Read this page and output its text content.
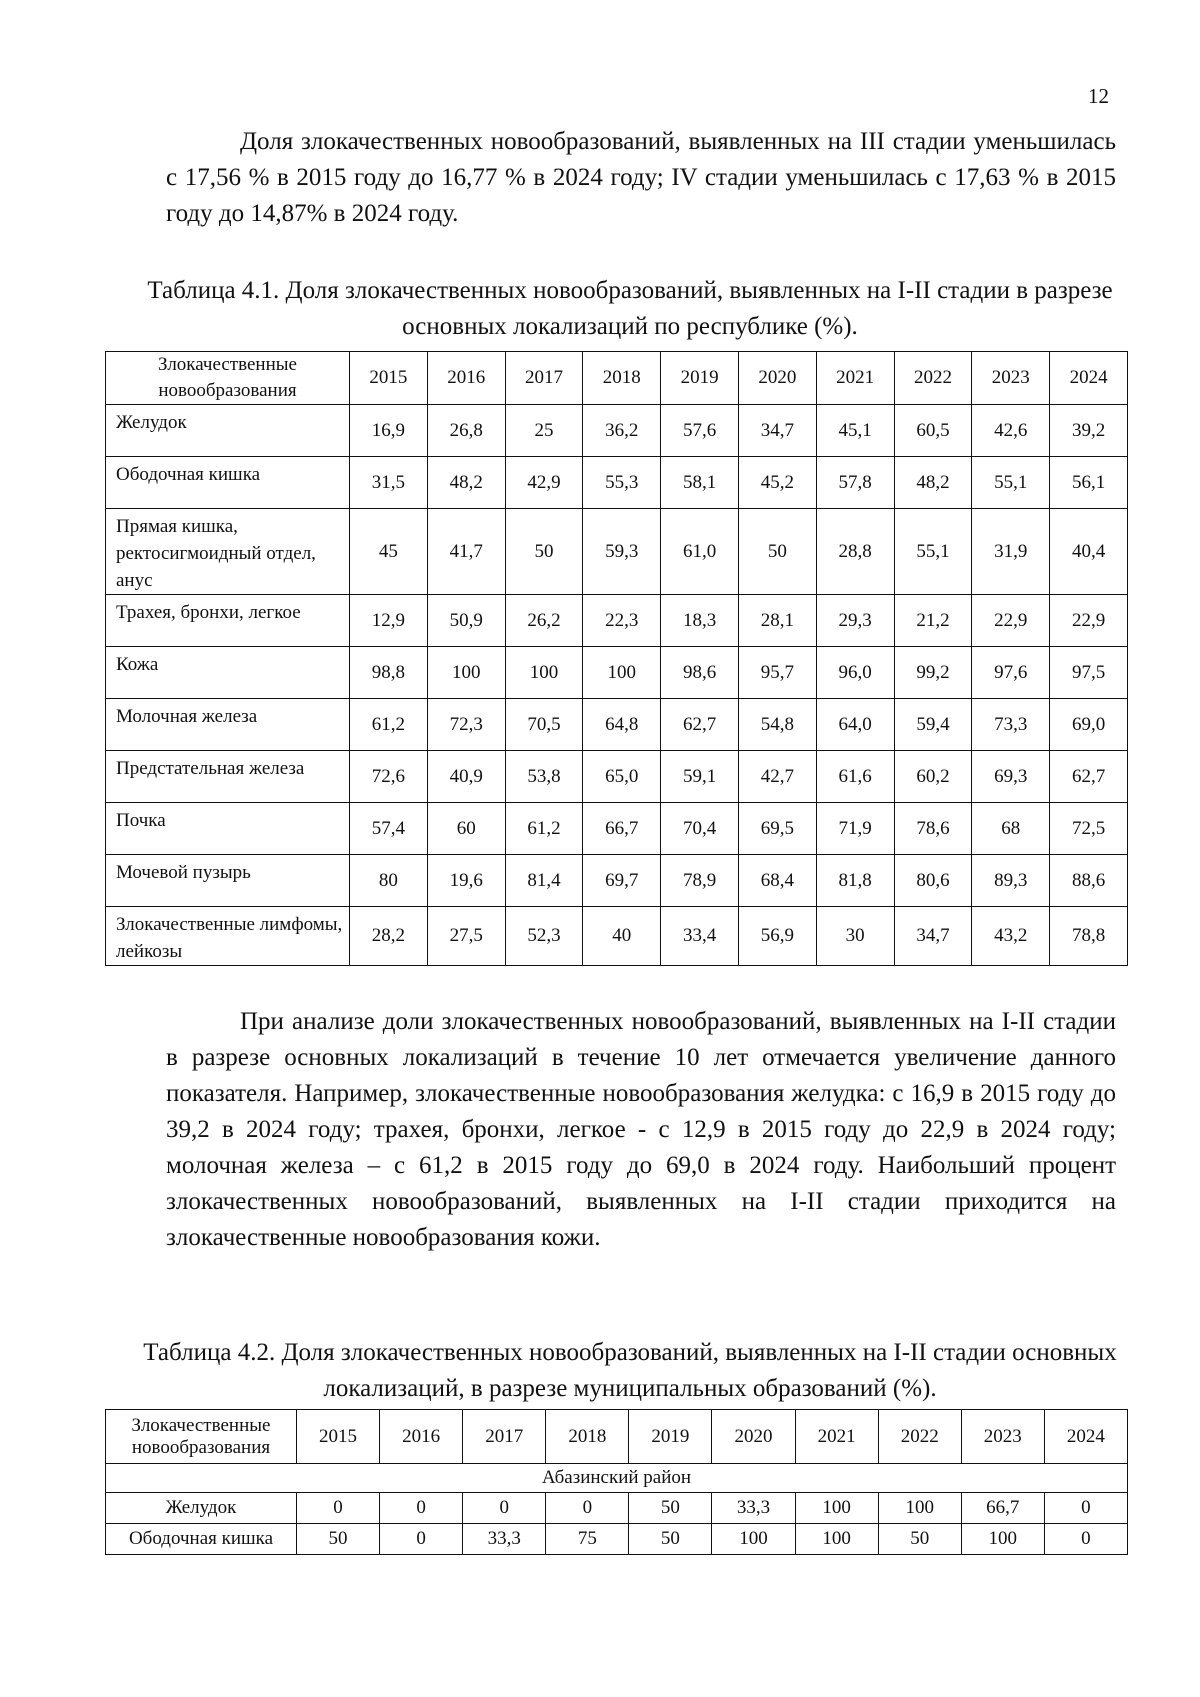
12

Доля злокачественных новообразований, выявленных на III стадии уменьшилась с 17,56 % в 2015 году до 16,77 % в 2024 году; IV стадии уменьшилась с 17,63 % в 2015 году до 14,87% в 2024 году.

Таблица 4.1. Доля злокачественных новообразований, выявленных на I-II стадии в разрезе основных локализаций по республике (%).

Злокачественные новообразования	2015	2016	2017	2018	2019	2020	2021	2022	2023	2024
Желудок	16,9	26,8	25	36,2	57,6	34,7	45,1	60,5	42,6	39,2
Ободочная кишка	31,5	48,2	42,9	55,3	58,1	45,2	57,8	48,2	55,1	56,1
Прямая кишка, ректосигмоидный отдел, анус	45	41,7	50	59,3	61,0	50	28,8	55,1	31,9	40,4
Трахея, бронхи, легкое	12,9	50,9	26,2	22,3	18,3	28,1	29,3	21,2	22,9	22,9
Кожа	98,8	100	100	100	98,6	95,7	96,0	99,2	97,6	97,5
Молочная железа	61,2	72,3	70,5	64,8	62,7	54,8	64,0	59,4	73,3	69,0
Предстательная железа	72,6	40,9	53,8	65,0	59,1	42,7	61,6	60,2	69,3	62,7
Почка	57,4	60	61,2	66,7	70,4	69,5	71,9	78,6	68	72,5
Мочевой пузырь	80	19,6	81,4	69,7	78,9	68,4	81,8	80,6	89,3	88,6
Злокачественные лимфомы, лейкозы	28,2	27,5	52,3	40	33,4	56,9	30	34,7	43,2	78,8

При анализе доли злокачественных новообразований, выявленных на I-II стадии в разрезе основных локализаций в течение 10 лет отмечается увеличение данного показателя. Например, злокачественные новообразования желудка: с 16,9 в 2015 году до 39,2 в 2024 году; трахея, бронхи, легкое - с 12,9 в 2015 году до 22,9 в 2024 году; молочная железа – с 61,2 в 2015 году до 69,0 в 2024 году. Наибольший процент злокачественных новообразований, выявленных на I-II стадии приходится на злокачественные новообразования кожи.

Таблица 4.2. Доля злокачественных новообразований, выявленных на I-II стадии основных локализаций, в разрезе муниципальных образований (%).

Злокачественные новообразования	2015	2016	2017	2018	2019	2020	2021	2022	2023	2024
Абазинский район										
Желудок	0	0	0	0	50	33,3	100	100	66,7	0
Ободочная кишка	50	0	33,3	75	50	100	100	50	100	0
